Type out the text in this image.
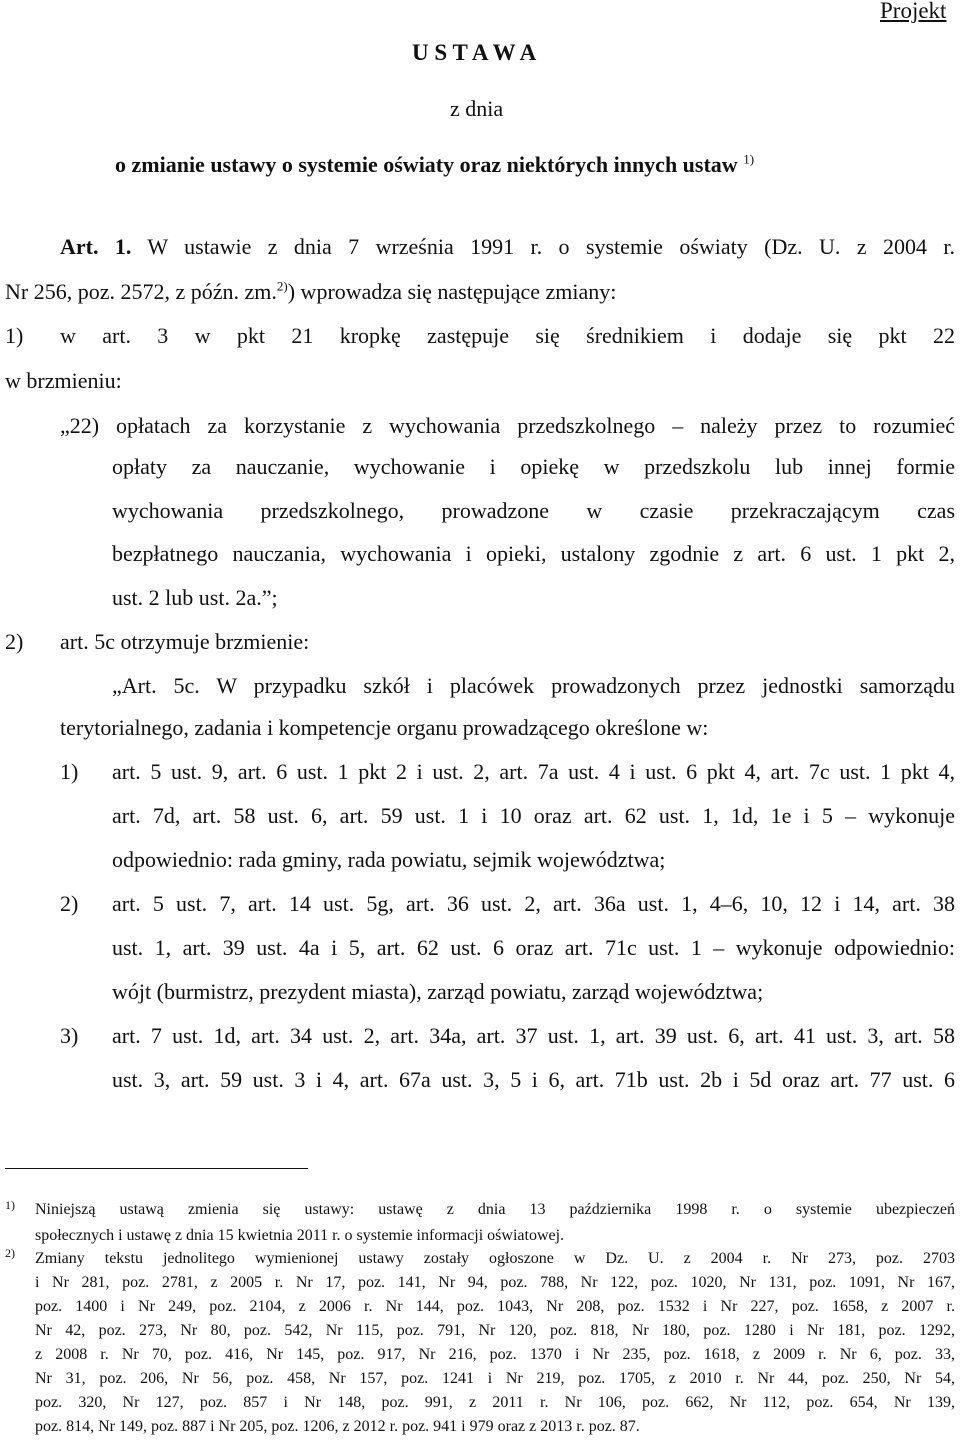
Projekt
U S T A W A
z dnia
o zmianie ustawy o systemie oświaty oraz niektórych innych ustaw $^{1)}$
Art. 1. W ustawie z dnia 7 września 1991 r. o systemie oświaty (Dz. U. z 2004 r.
Nr 256, poz. 2572, z późn. zm.$^{2)}$) wprowadza się następujące zmiany:
1) w art. 3 w pkt 21 kropkę zastępuje się średnikiem i dodaje się pkt 22
w brzmieniu:
„22) opłatach za korzystanie z wychowania przedszkolnego – należy przez to rozumieć
opłaty za nauczanie, wychowanie i opiekę w przedszkolu lub innej formie
wychowania przedszkolnego, prowadzone w czasie przekraczającym czas
bezpłatnego nauczania, wychowania i opieki, ustalony zgodnie z art. 6 ust. 1 pkt 2,
ust. 2 lub ust. 2a.”;
2) art. 5c otrzymuje brzmienie:
„Art. 5c. W przypadku szkół i placówek prowadzonych przez jednostki samorządu
terytorialnego, zadania i kompetencje organu prowadzącego określone w:
1) art. 5 ust. 9, art. 6 ust. 1 pkt 2 i ust. 2, art. 7a ust. 4 i ust. 6 pkt 4, art. 7c ust. 1 pkt 4,
art. 7d, art. 58 ust. 6, art. 59 ust. 1 i 10 oraz art. 62 ust. 1, 1d, 1e i 5 – wykonuje
odpowiednio: rada gminy, rada powiatu, sejmik województwa;
2) art. 5 ust. 7, art. 14 ust. 5g, art. 36 ust. 2, art. 36a ust. 1, 4–6, 10, 12 i 14, art. 38
ust. 1, art. 39 ust. 4a i 5, art. 62 ust. 6 oraz art. 71c ust. 1 – wykonuje odpowiednio:
wójt (burmistrz, prezydent miasta), zarząd powiatu, zarząd województwa;
3) art. 7 ust. 1d, art. 34 ust. 2, art. 34a, art. 37 ust. 1, art. 39 ust. 6, art. 41 ust. 3, art. 58
ust. 3, art. 59 ust. 3 i 4, art. 67a ust. 3, 5 i 6, art. 71b ust. 2b i 5d oraz art. 77 ust. 6
1) Niniejszą ustawą zmienia się ustawy: ustawę z dnia 13 października 1998 r. o systemie ubezpieczeń
społecznych i ustawę z dnia 15 kwietnia 2011 r. o systemie informacji oświatowej.
2) Zmiany tekstu jednolitego wymienionej ustawy zostały ogłoszone w Dz. U. z 2004 r. Nr 273, poz. 2703
i Nr 281, poz. 2781, z 2005 r. Nr 17, poz. 141, Nr 94, poz. 788, Nr 122, poz. 1020, Nr 131, poz. 1091, Nr 167,
poz. 1400 i Nr 249, poz. 2104, z 2006 r. Nr 144, poz. 1043, Nr 208, poz. 1532 i Nr 227, poz. 1658, z 2007 r.
Nr 42, poz. 273, Nr 80, poz. 542, Nr 115, poz. 791, Nr 120, poz. 818, Nr 180, poz. 1280 i Nr 181, poz. 1292,
z 2008 r. Nr 70, poz. 416, Nr 145, poz. 917, Nr 216, poz. 1370 i Nr 235, poz. 1618, z 2009 r. Nr 6, poz. 33,
Nr 31, poz. 206, Nr 56, poz. 458, Nr 157, poz. 1241 i Nr 219, poz. 1705, z 2010 r. Nr 44, poz. 250, Nr 54,
poz. 320, Nr 127, poz. 857 i Nr 148, poz. 991, z 2011 r. Nr 106, poz. 662, Nr 112, poz. 654, Nr 139,
poz. 814, Nr 149, poz. 887 i Nr 205, poz. 1206, z 2012 r. poz. 941 i 979 oraz z 2013 r. poz. 87.
